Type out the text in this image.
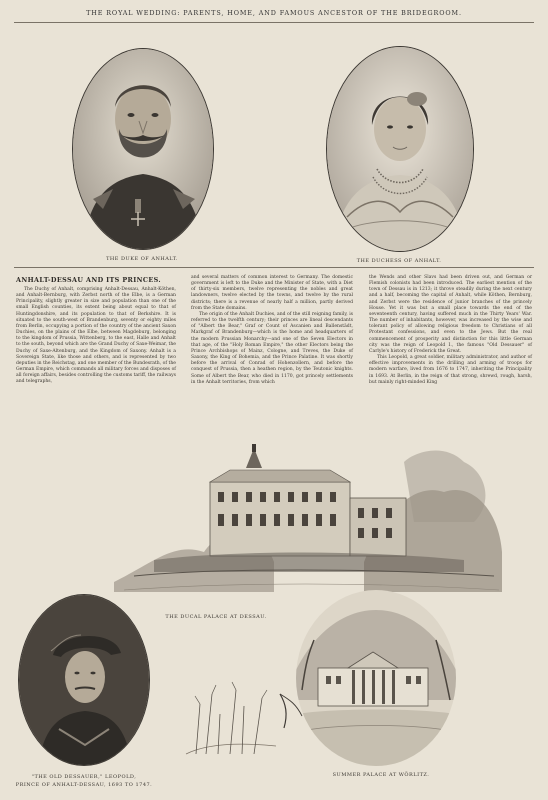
THE ROYAL WEDDING: PARENTS, HOME, AND FAMOUS ANCESTOR OF THE BRIDEGROOM.
THE DUKE OF ANHALT.	THE DUCHESS OF ANHALT.
ANHALT-DESSAU AND ITS PRINCES.

The Duchy of Anhalt, comprising Anhalt-Dessau, Anhalt-Köthen, and Anhalt-Bernburg, with Zerbst north of the Elbe, is a German Principality, slightly greater in size and population than one of the small English counties, its extent being about equal to that of Huntingdonshire, and its population to that of Berkshire. It is situated to the south-west of Brandenburg, seventy or eighty miles from Berlin, occupying a portion of the country of the ancient Saxon Duchies, on the plains of the Elbe, between Magdeburg, belonging to the kingdom of Prussia, Wittenberg, to the east, Halle and Anhalt to the south, beyond which are the Grand Duchy of Saxe-Weimar, the Duchy of Saxe-Altenburg, and the Kingdom of Saxony. Anhalt is a Sovereign State, like those and others, and is represented by two deputies in the Reichstag, and one member of the Bundesrath, of the German Empire, which commands all military forces and disposes of all foreign affairs, besides controlling the customs tariff, the railways and telegraphs,

and several matters of common interest to Germany. The domestic government is left to the Duke and the Minister of State, with a Diet of thirty-six members, twelve representing the nobles and great landowners, twelve elected by the towns, and twelve by the rural districts; there is a revenue of nearly half a million, partly derived from the State domains.

The origin of the Anhalt Duchies, and of the still reigning family, is referred to the twelfth century; their princes are lineal descendants of "Albert the Bear," Graf or Count of Ascanien and Ballenstädt, Markgraf of Brandenburg—which is the home and headquarters of the modern Prussian Monarchy—and one of the Seven Electors in that age, of the "Holy Roman Empire," the other Electors being the Prince Archbishops of Mainz, Cologne, and Treves, the Duke of Saxony, the King of Bohemia, and the Prince Palatine. It was shortly before the arrival of Conrad of Hohenzollern, and before the conquest of Prussia, then a heathen region, by the Teutonic knights. Some of Albert the Bear, who died in 1170, got princely settlements in the Anhalt territories, from which

the Wends and other Slavs had been driven out, and German or Flemish colonists had been introduced. The earliest mention of the town of Dessau is in 1213; it throve steadily during the next century and a half, becoming the capital of Anhalt, while Köthen, Bernburg, and Zerbst were the residence of junior branches of the princely House. Yet it was but a small place towards the end of the seventeenth century, having suffered much in the Thirty Years' War. The number of inhabitants, however, was increased by the wise and tolerant policy of allowing religious freedom to Christians of all Protestant confessions, and even to the Jews. But the real commencement of prosperity and distinction for this little German city was the reign of Leopold I., the famous "Old Dessauer" of Carlyle's history of Frederick the Great.

This Leopold, a great soldier, military administrator, and author of effective improvements in the drilling and arming of troops for modern warfare, lived from 1676 to 1747, inheriting the Principality in 1693. At Berlin, in the reign of that strong, shrewd, rough, harsh, but mainly right-minded King

THE DUCAL PALACE AT DESSAU.
"THE OLD DESSAUER," LEOPOLD,
PRINCE OF ANHALT-DESSAU, 1693 TO 1747.
SUMMER PALACE AT WÖRLITZ.
